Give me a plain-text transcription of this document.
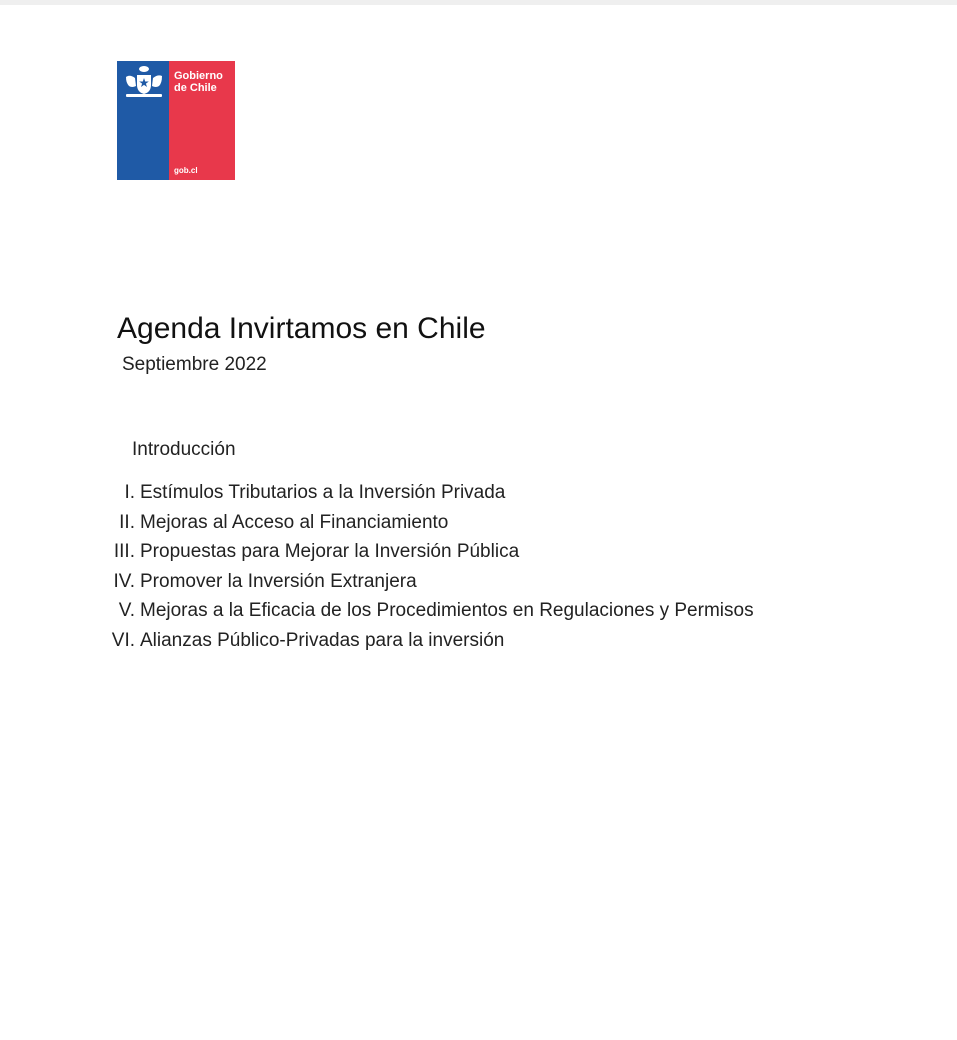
Gobierno
de Chile
gob.cl
Agenda Invirtamos en Chile
Septiembre 2022
Introducción
I. Estímulos Tributarios a la Inversión Privada
II. Mejoras al Acceso al Financiamiento
III. Propuestas para Mejorar la Inversión Pública
IV. Promover la Inversión Extranjera
V. Mejoras a la Eficacia de los Procedimientos en Regulaciones y Permisos
VI. Alianzas Público-Privadas para la inversión
